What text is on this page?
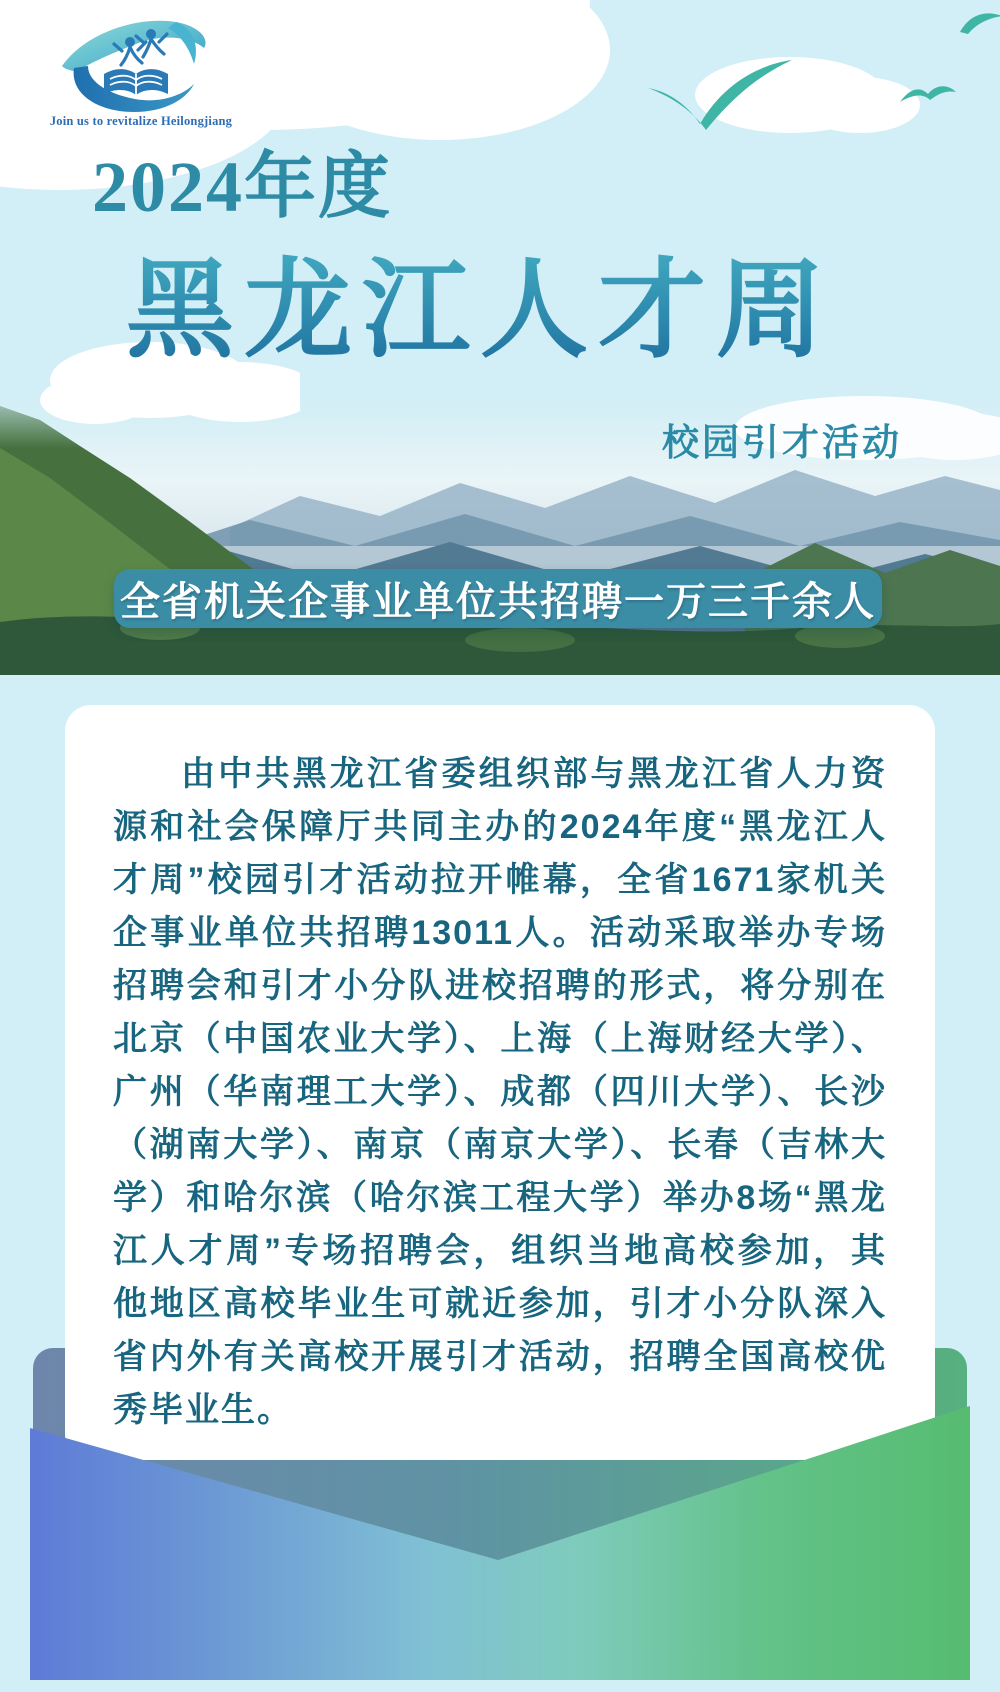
Join us to revitalize Heilongjiang
2024年度
黑龙江人才周
校园引才活动
全省机关企事业单位共招聘一万三千余人

由中共黑龙江省委组织部与黑龙江省人力资源和社会保障厅共同主办的2024年度“黑龙江人才周”校园引才活动拉开帷幕，全省1671家机关企事业单位共招聘13011人。活动采取举办专场招聘会和引才小分队进校招聘的形式，将分别在北京（中国农业大学）、上海（上海财经大学）、广州（华南理工大学）、成都（四川大学）、长沙（湖南大学）、南京（南京大学）、长春（吉林大学）和哈尔滨（哈尔滨工程大学）举办8场“黑龙江人才周”专场招聘会，组织当地高校参加，其他地区高校毕业生可就近参加，引才小分队深入省内外有关高校开展引才活动，招聘全国高校优秀毕业生。
